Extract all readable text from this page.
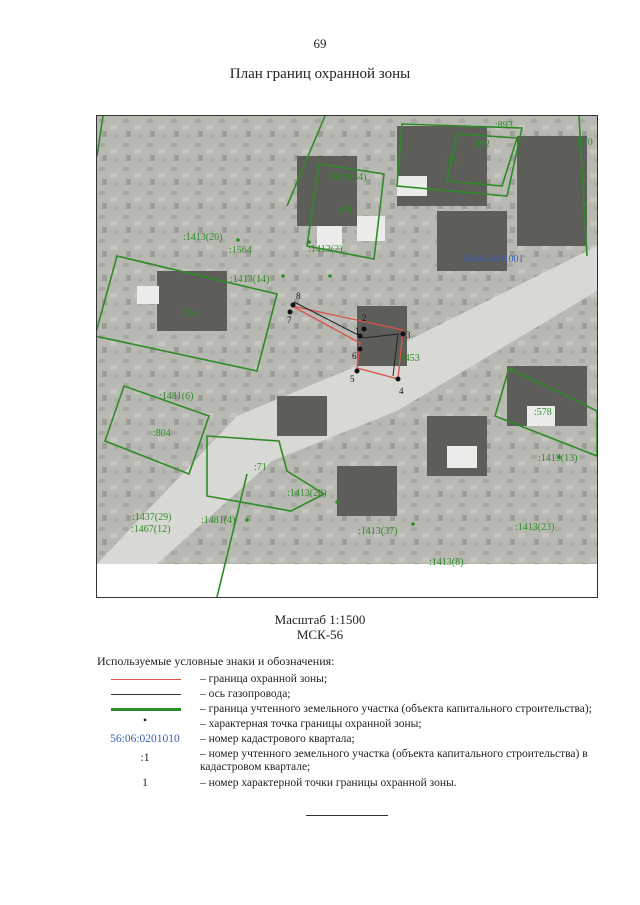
69
План границ охранной зоны
:893
:892
:891
:570
:1413(34)
:630
:1413(20)
:1564	:1413(2)
:1413(14)
:749
:1453
:1481(6)
:804
:71
:578
:1413(13)
:1413(28)
:1437(29)
:1467(12)
:1481(4)
:1413(37)	:1413(23)
:1413(8)
56:06:0401001
1
2
3
4
5
6
7
8
Масштаб 1:1500
МСК-56
Используемые условные знаки и обозначения:
– граница охранной зоны;
– ось газопровода;
– граница учтенного земельного участка (объекта капитального строительства);
•	– характерная точка границы охранной зоны;
56:06:0201010	– номер кадастрового квартала;
:1	– номер учтенного земельного участка (объекта капитального строительства) в кадастровом квартале;
1	– номер характерной точки границы охранной зоны.
